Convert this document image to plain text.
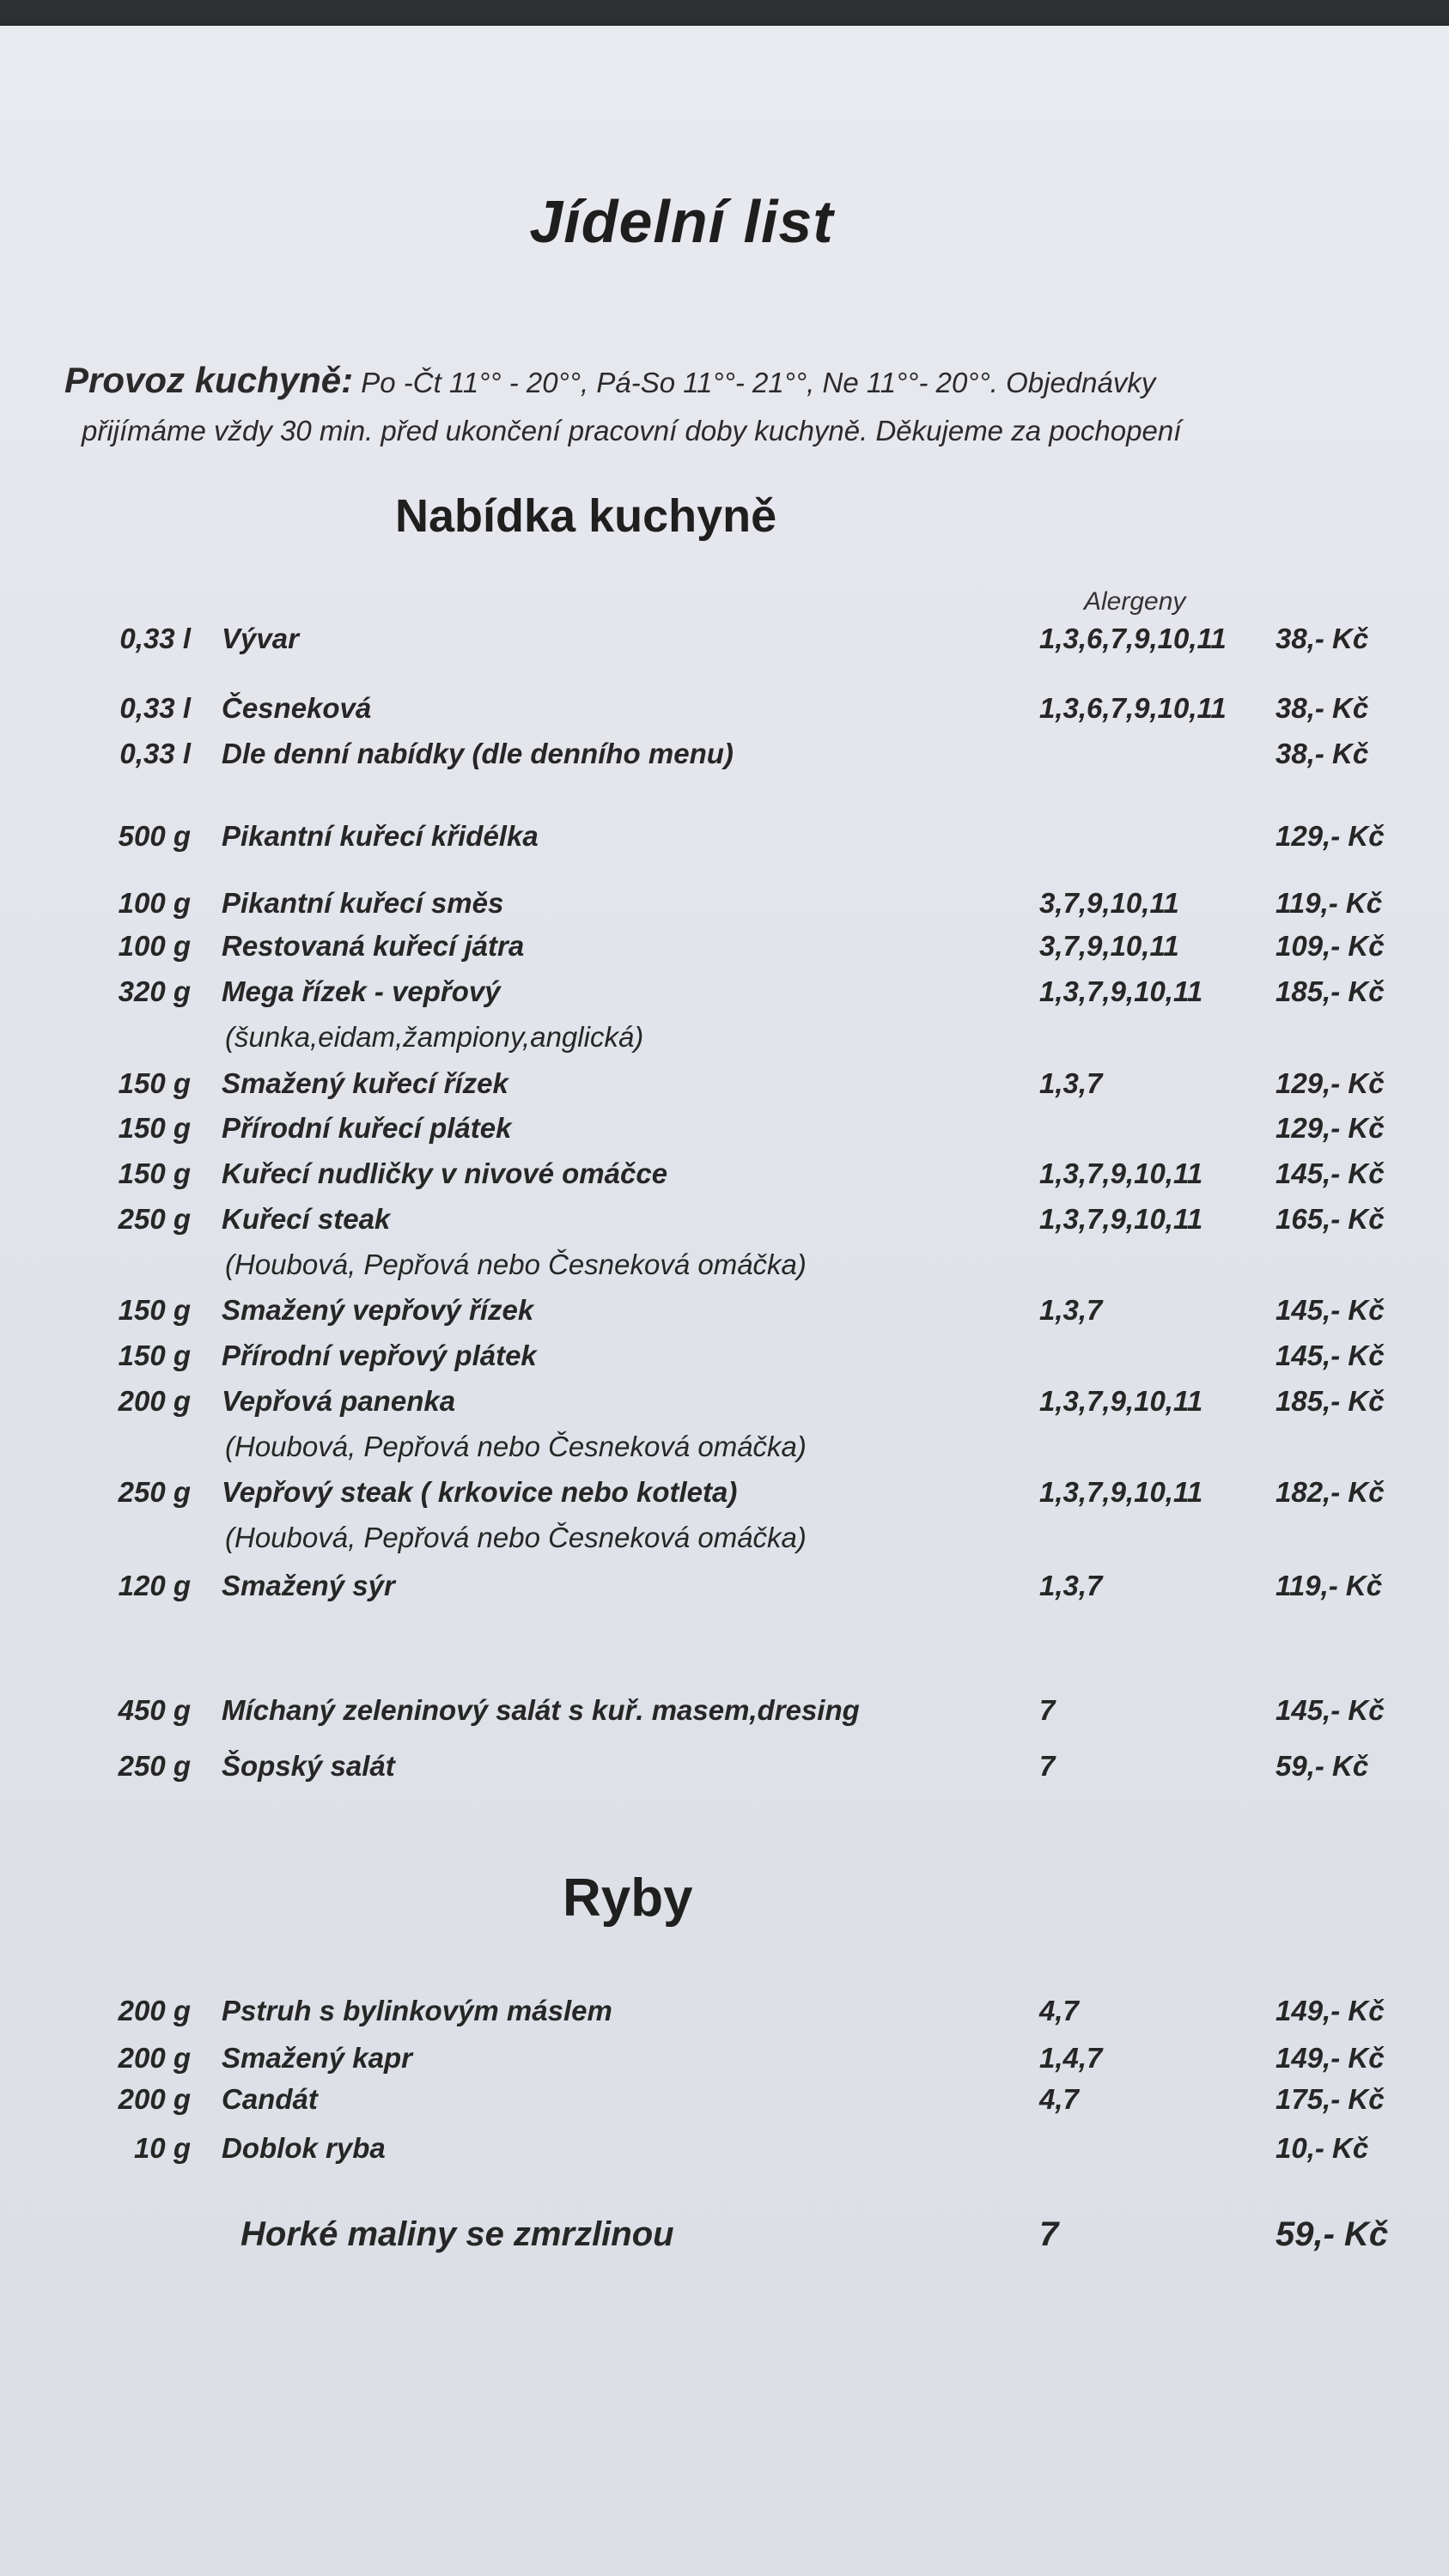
Jídelní list
Provoz kuchyně: Po -Čt 11°° - 20°°, Pá-So 11°°- 21°°, Ne 11°°- 20°°. Objednávky
přijímáme vždy 30 min. před ukončení pracovní doby kuchyně. Děkujeme za pochopení
Nabídka kuchyně
Alergeny
0,33 l Vývar	1,3,6,7,9,10,11 38,- Kč
0,33 l Česneková	1,3,6,7,9,10,11 38,- Kč
0,33 l Dle denní nabídky (dle denního menu)	38,- Kč
500 g Pikantní kuřecí křidélka	129,- Kč
100 g Pikantní kuřecí směs	3,7,9,10,11	119,- Kč
100 g Restovaná kuřecí játra	3,7,9,10,11	109,- Kč
320 g Mega řízek - vepřový	1,3,7,9,10,11	185,- Kč
(šunka,eidam,žampiony,anglická)
150 g Smažený kuřecí řízek	1,3,7	129,- Kč
150 g Přírodní kuřecí plátek	129,- Kč
150 g Kuřecí nudličky v nivové omáčce	1,3,7,9,10,11	145,- Kč
250 g Kuřecí steak	1,3,7,9,10,11	165,- Kč
(Houbová, Pepřová nebo Česneková omáčka)
150 g Smažený vepřový řízek	1,3,7	145,- Kč
150 g Přírodní vepřový plátek	145,- Kč
200 g Vepřová panenka	1,3,7,9,10,11	185,- Kč
(Houbová, Pepřová nebo Česneková omáčka)
250 g Vepřový steak ( krkovice nebo kotleta)	1,3,7,9,10,11	182,- Kč
(Houbová, Pepřová nebo Česneková omáčka)
120 g Smažený sýr	1,3,7	119,- Kč
450 g Míchaný zeleninový salát s kuř. masem,dresing	7	145,- Kč
250 g Šopský salát	7	59,- Kč
200 g Pstruh s bylinkovým máslem	4,7	149,- Kč
200 g Smažený kapr	1,4,7	149,- Kč
200 g Candát	4,7	175,- Kč
10 g Doblok ryba	10,- Kč
Horké maliny se zmrzlinou	7	59,- Kč
Ryby
